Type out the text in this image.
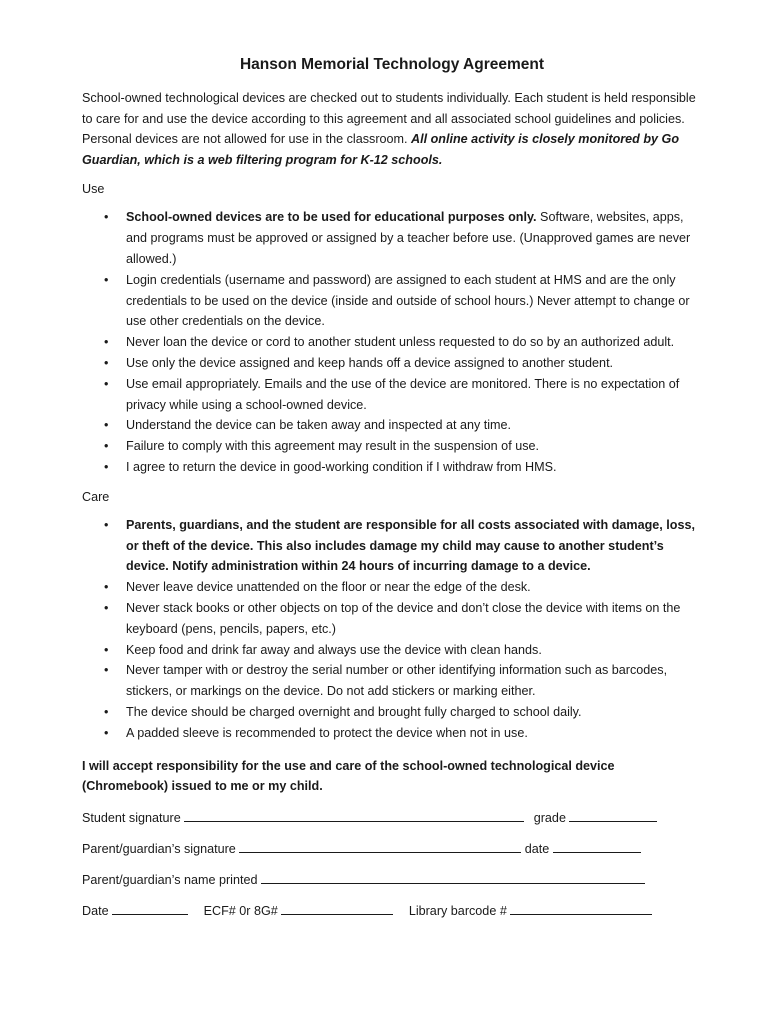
Hanson Memorial Technology Agreement

School-owned technological devices are checked out to students individually. Each student is held responsible to care for and use the device according to this agreement and all associated school guidelines and policies. Personal devices are not allowed for use in the classroom. All online activity is closely monitored by Go Guardian, which is a web filtering program for K-12 schools.

Use
• School-owned devices are to be used for educational purposes only. Software, websites, apps, and programs must be approved or assigned by a teacher before use. (Unapproved games are never allowed.)
• Login credentials (username and password) are assigned to each student at HMS and are the only credentials to be used on the device (inside and outside of school hours.) Never attempt to change or use other credentials on the device.
• Never loan the device or cord to another student unless requested to do so by an authorized adult.
• Use only the device assigned and keep hands off a device assigned to another student.
• Use email appropriately. Emails and the use of the device are monitored. There is no expectation of privacy while using a school-owned device.
• Understand the device can be taken away and inspected at any time.
• Failure to comply with this agreement may result in the suspension of use.
• I agree to return the device in good-working condition if I withdraw from HMS.
Care
• Parents, guardians, and the student are responsible for all costs associated with damage, loss, or theft of the device. This also includes damage my child may cause to another student’s device. Notify administration within 24 hours of incurring damage to a device.
• Never leave device unattended on the floor or near the edge of the desk.
• Never stack books or other objects on top of the device and don’t close the device with items on the keyboard (pens, pencils, papers, etc.)
• Keep food and drink far away and always use the device with clean hands.
• Never tamper with or destroy the serial number or other identifying information such as barcodes, stickers, or markings on the device. Do not add stickers or marking either.
• The device should be charged overnight and brought fully charged to school daily.
• A padded sleeve is recommended to protect the device when not in use.
I will accept responsibility for the use and care of the school-owned technological device (Chromebook) issued to me or my child.
Student signature	grade
Parent/guardian’s signature	date
Parent/guardian’s name printed
Date	ECF# 0r 8G#	Library barcode #
